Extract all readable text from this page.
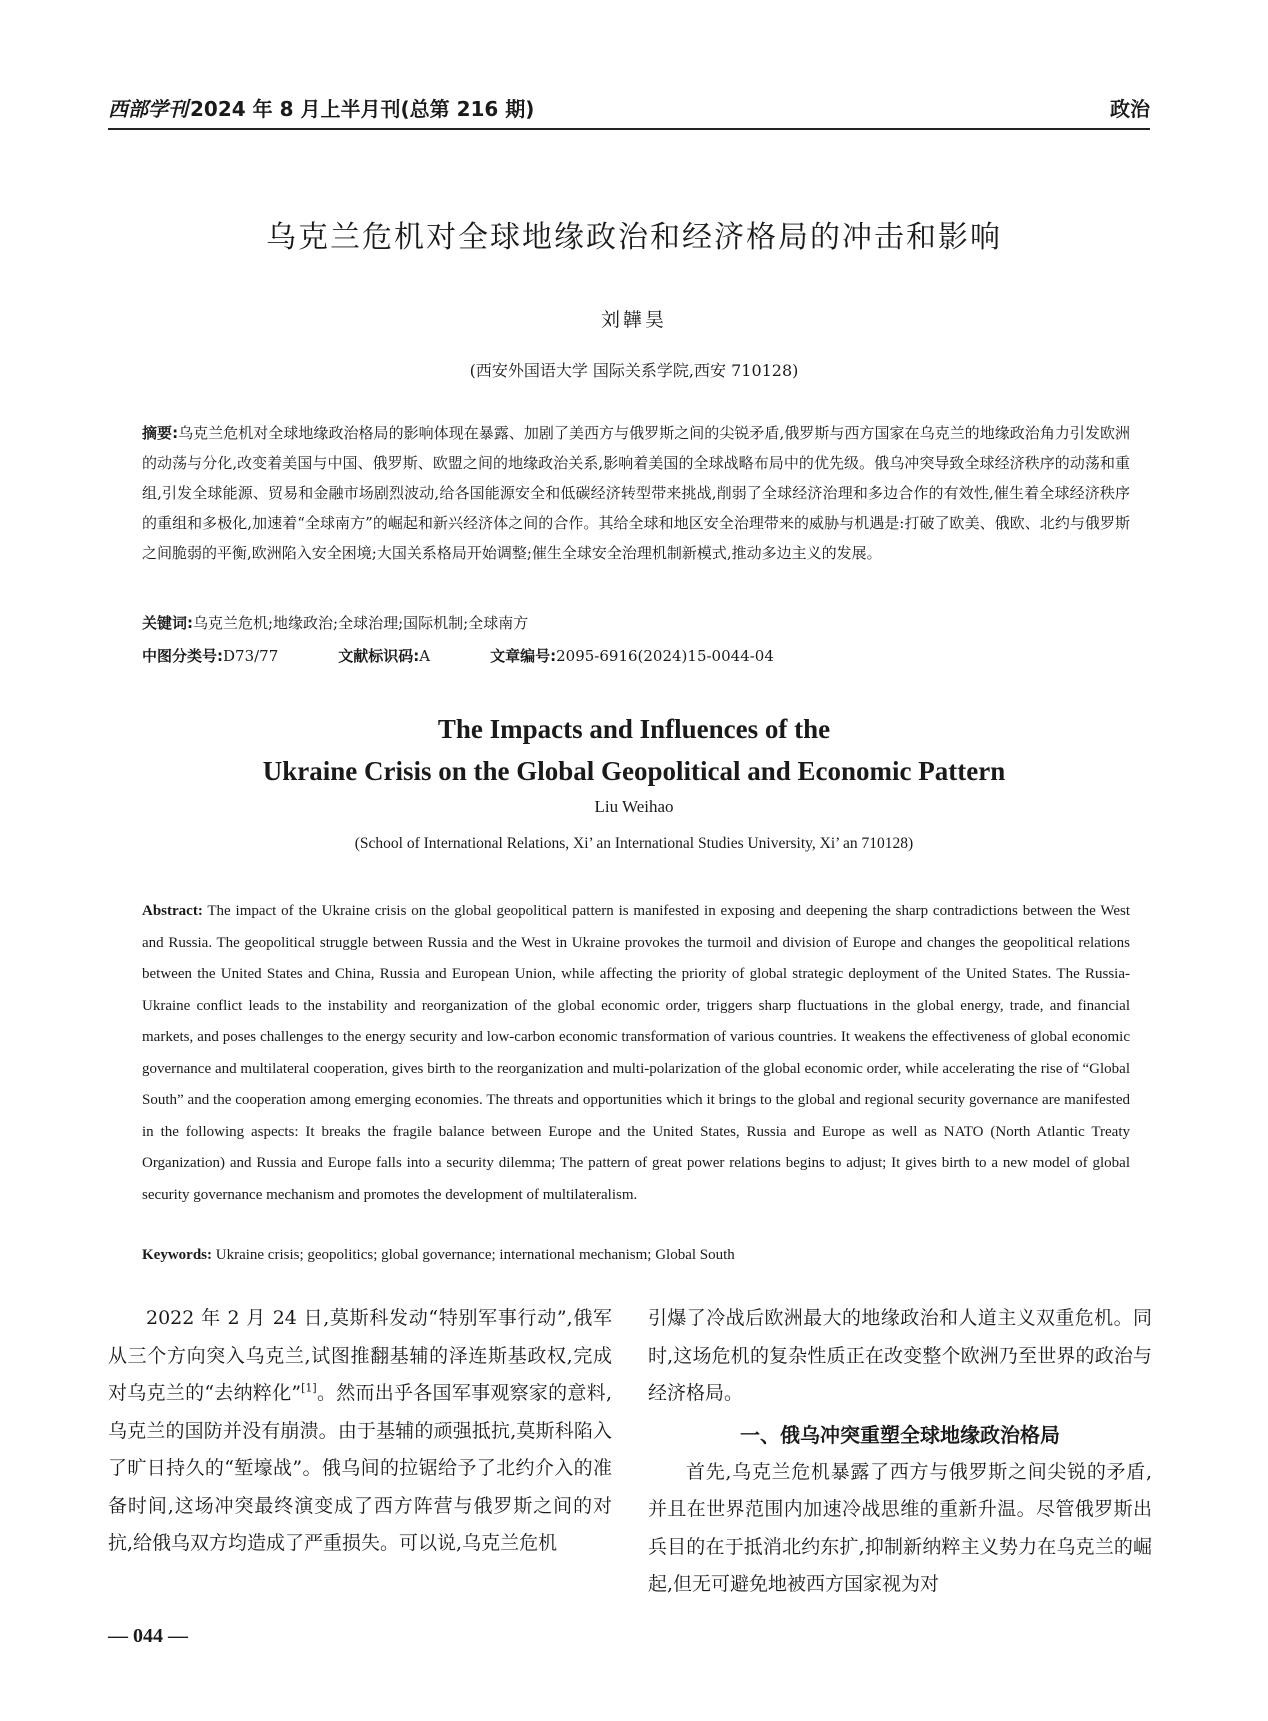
西部学刊 2024 年 8 月上半月刊(总第 216 期)	政治
乌克兰危机对全球地缘政治和经济格局的冲击和影响
刘韡昊
(西安外国语大学 国际关系学院,西安 710128)
摘要:乌克兰危机对全球地缘政治格局的影响体现在暴露、加剧了美西方与俄罗斯之间的尖锐矛盾,俄罗斯与西方国家在乌克兰的地缘政治角力引发欧洲的动荡与分化,改变着美国与中国、俄罗斯、欧盟之间的地缘政治关系,影响着美国的全球战略布局中的优先级。俄乌冲突导致全球经济秩序的动荡和重组,引发全球能源、贸易和金融市场剧烈波动,给各国能源安全和低碳经济转型带来挑战,削弱了全球经济治理和多边合作的有效性,催生着全球经济秩序的重组和多极化,加速着“全球南方”的崛起和新兴经济体之间的合作。其给全球和地区安全治理带来的威胁与机遇是:打破了欧美、俄欧、北约与俄罗斯之间脆弱的平衡,欧洲陷入安全困境;大国关系格局开始调整;催生全球安全治理机制新模式,推动多边主义的发展。
关键词:乌克兰危机;地缘政治;全球治理;国际机制;全球南方
中图分类号:D73/77	文献标识码:A	文章编号:2095-6916(2024)15-0044-04
The Impacts and Influences of the
Ukraine Crisis on the Global Geopolitical and Economic Pattern
Liu Weihao
(School of International Relations, Xi’ an International Studies University, Xi’ an 710128)
Abstract: The impact of the Ukraine crisis on the global geopolitical pattern is manifested in exposing and deepening the sharp contradictions between the West and Russia. The geopolitical struggle between Russia and the West in Ukraine provokes the turmoil and division of Europe and changes the geopolitical relations between the United States and China, Russia and European Union, while affecting the priority of global strategic deployment of the United States. The Russia-Ukraine conflict leads to the instability and reorganization of the global economic order, triggers sharp fluctuations in the global energy, trade, and financial markets, and poses challenges to the energy security and low-carbon economic transformation of various countries. It weakens the effectiveness of global economic governance and multilateral cooperation, gives birth to the reorganization and multi-polarization of the global economic order, while accelerating the rise of “Global South” and the cooperation among emerging economies. The threats and opportunities which it brings to the global and regional security governance are manifested in the following aspects: It breaks the fragile balance between Europe and the United States, Russia and Europe as well as NATO (North Atlantic Treaty Organization) and Russia and Europe falls into a security dilemma; The pattern of great power relations begins to adjust; It gives birth to a new model of global security governance mechanism and promotes the development of multilateralism.
Keywords: Ukraine crisis; geopolitics; global governance; international mechanism; Global South

2022 年 2 月 24 日,莫斯科发动“特别军事行动”,俄军从三个方向突入乌克兰,试图推翻基辅的泽连斯基政权,完成对乌克兰的“去纳粹化”[1]。然而出乎各国军事观察家的意料,乌克兰的国防并没有崩溃。由于基辅的顽强抵抗,莫斯科陷入了旷日持久的“堑壕战”。俄乌间的拉锯给予了北约介入的准备时间,这场冲突最终演变成了西方阵营与俄罗斯之间的对抗,给俄乌双方均造成了严重损失。可以说,乌克兰危机

引爆了冷战后欧洲最大的地缘政治和人道主义双重危机。同时,这场危机的复杂性质正在改变整个欧洲乃至世界的政治与经济格局。

一、俄乌冲突重塑全球地缘政治格局

首先,乌克兰危机暴露了西方与俄罗斯之间尖锐的矛盾,并且在世界范围内加速冷战思维的重新升温。尽管俄罗斯出兵目的在于抵消北约东扩,抑制新纳粹主义势力在乌克兰的崛起,但无可避免地被西方国家视为对

— 044 —
